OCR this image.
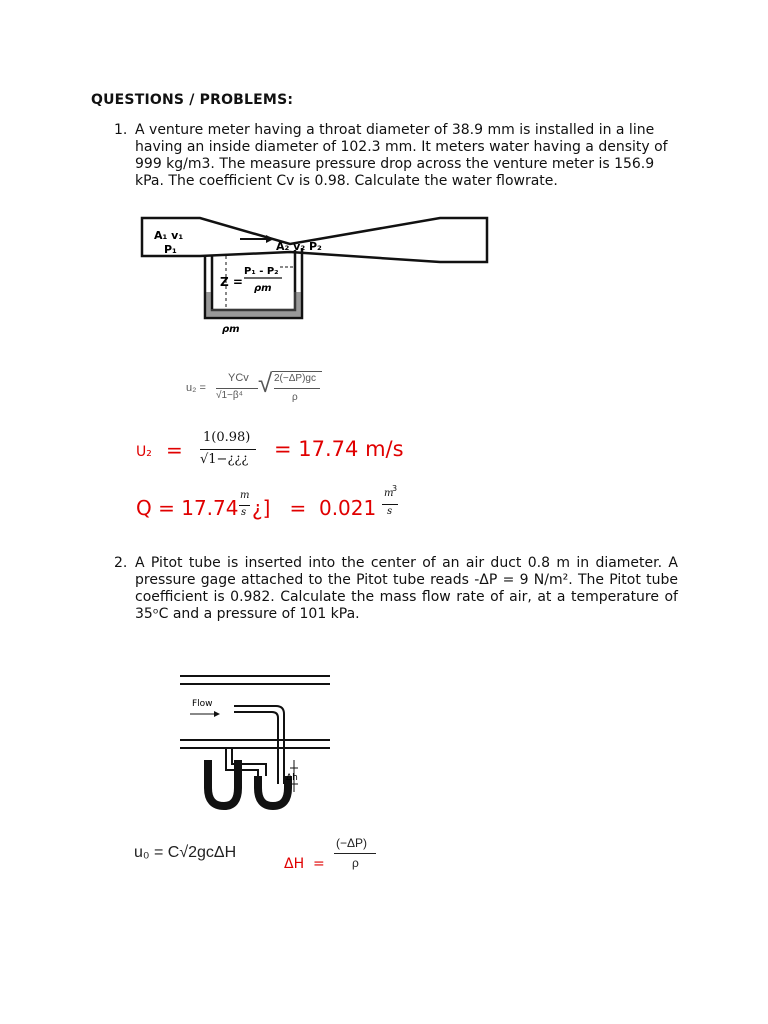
QUESTIONS / PROBLEMS:
1. A venture meter having a throat diameter of 38.9 mm is installed in a line
having an inside diameter of 102.3 mm. It meters water having a density of
999 kg/m3. The measure pressure drop across the venture meter is 156.9
kPa. The coefficient Cv is 0.98. Calculate the water flowrate.
A₁ v₁
P₁	A₂ v₂ P₂
Z =
P₁ - P₂
ρm
ρm
u₂ =
YCv
√1−β⁴ √ 2(−ΔP)gc
ρ
U₂ =
1(0.98)
√1−¿¿¿ = 17.74 m/s
Q = 17.74
m
s ¿]   =  0.021
m
3
s
2. A Pitot tube is inserted into the center of an air duct 0.8 m in diameter. A
pressure gage attached to the Pitot tube reads -ΔP = 9 N/m². The Pitot tube
coefficient is 0.982. Calculate the mass flow rate of air, at a temperature of
35ᵒC and a pressure of 101 kPa.
Flow
Δh
u₀ = C√2gcΔH
ΔH  =
(−ΔP)
ρ
